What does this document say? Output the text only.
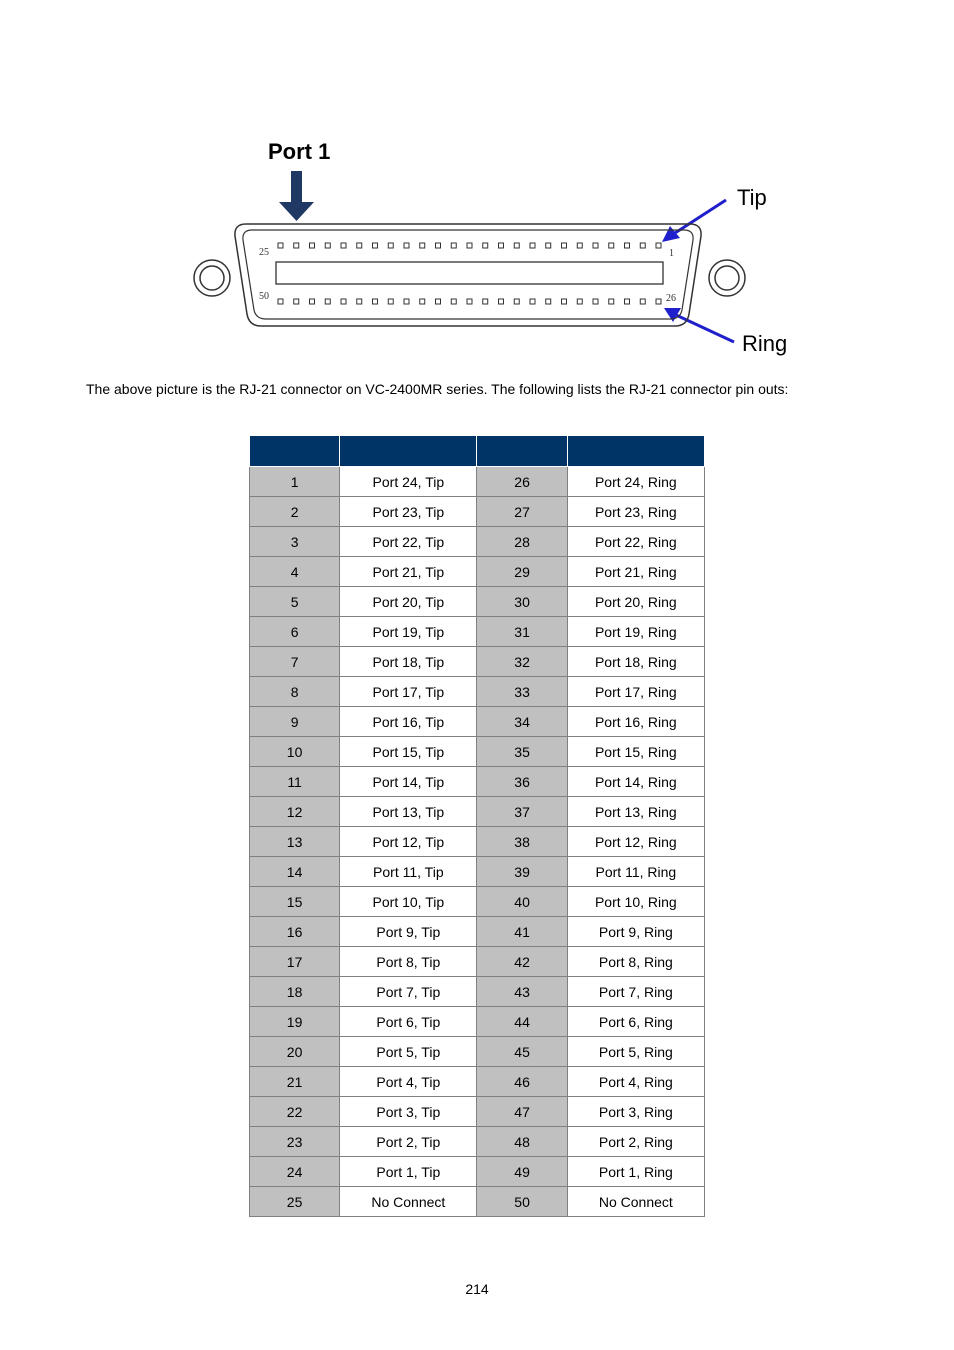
Port 1
Tip
Ring
25	1
50	26
The above picture is the RJ-21 connector on VC-2400MR series. The following lists the RJ-21 connector pin outs:

1	Port 24, Tip	26	Port 24, Ring
2	Port 23, Tip	27	Port 23, Ring
3	Port 22, Tip	28	Port 22, Ring
4	Port 21, Tip	29	Port 21, Ring
5	Port 20, Tip	30	Port 20, Ring
6	Port 19, Tip	31	Port 19, Ring
7	Port 18, Tip	32	Port 18, Ring
8	Port 17, Tip	33	Port 17, Ring
9	Port 16, Tip	34	Port 16, Ring
10	Port 15, Tip	35	Port 15, Ring
11	Port 14, Tip	36	Port 14, Ring
12	Port 13, Tip	37	Port 13, Ring
13	Port 12, Tip	38	Port 12, Ring
14	Port 11, Tip	39	Port 11, Ring
15	Port 10, Tip	40	Port 10, Ring
16	Port 9, Tip	41	Port 9, Ring
17	Port 8, Tip	42	Port 8, Ring
18	Port 7, Tip	43	Port 7, Ring
19	Port 6, Tip	44	Port 6, Ring
20	Port 5, Tip	45	Port 5, Ring
21	Port 4, Tip	46	Port 4, Ring
22	Port 3, Tip	47	Port 3, Ring
23	Port 2, Tip	48	Port 2, Ring
24	Port 1, Tip	49	Port 1, Ring
25	No Connect	50	No Connect
214
